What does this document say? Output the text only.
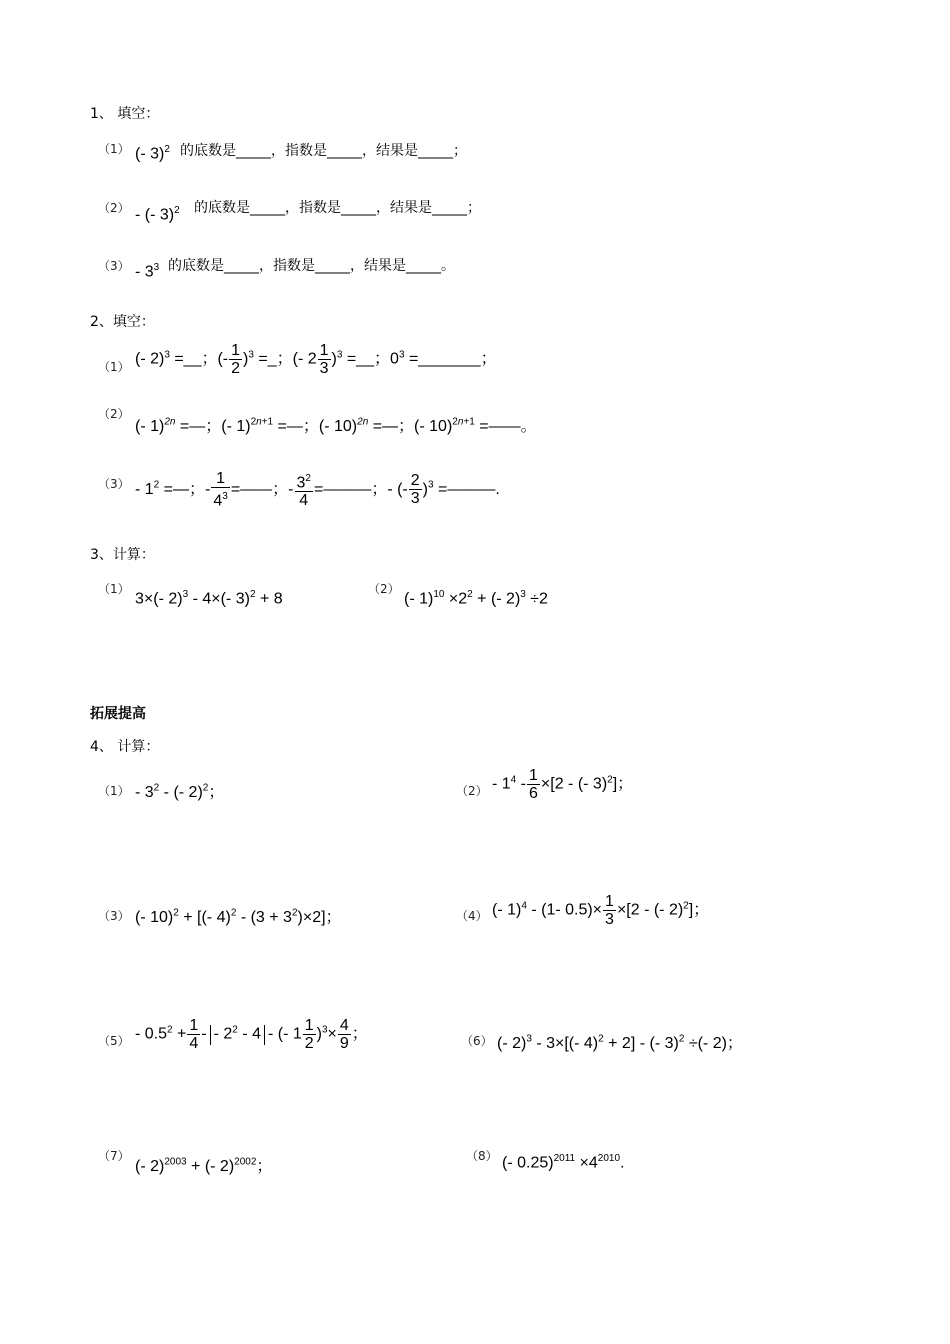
1、 填空：
（1） (- 3)$^2$ 的底数是_____，指数是_____，结果是_____；
（2） - (- 3)$^2$ 的底数是_____，指数是_____，结果是_____；
$(3) - 3^3$ 的底数是_____，指数是_____，结果是_____。
2、填空：
（1） (- 2)$^3$ =__；(- $\frac{1}{2} )^3$ =_；(- $2 \frac{1}{3} )^3$ =__；$0^3$ =_______；
（2）
(- 1)$^{2n}$ =—；(- 1)$^{2n+1}$ =—；(- 10)$^{2n}$ =—；(- 10)$^{2n+1}$ =——。
$(3) - 1^2$ =—；- $\frac{1}{4^3}$ =——；- $\frac{3^2}{4}$ =———；- (- $\frac{2}{3} )^3$ =———.
3、计算：
（1）
3×(- 2)$^3$ - 4×(- 3)$^2$ + 8
（2）
(- $1)^{10} \times 2^2$ + (- 2)$^3$ ÷2
拓展提高
4、 计算：
$(1) - 3^2$ - (- 2)$^2$；	$(2) - 1^4 - \frac{1}{6} \times[2$ - (- 3)$^2$]；
（3） (- 10)$^2$ + [(- $4)^2 - (3 + 3^2)\times 2$]；	（4） (- 1)$^4$ - (1- $0.5)\times \frac{1}{3} \times[2$ - (- 2)$^2$]；
$(5) - 0.5^2 + \frac{1}{4}$ - - $2^2 - 4$ - (- $1 \frac{1}{2} )^3\times \frac{4}{9}$ ；	（6） (- 2)$^3$ - 3×[(- 4)$^2$ + 2] - (- 3)$^2$ ÷(- 2)；
（7）
(- 2)$^{2003}$ + (- 2)$^{2002}$；
（8） (- $0.25)^{2011} \times 4^{2010}$.
